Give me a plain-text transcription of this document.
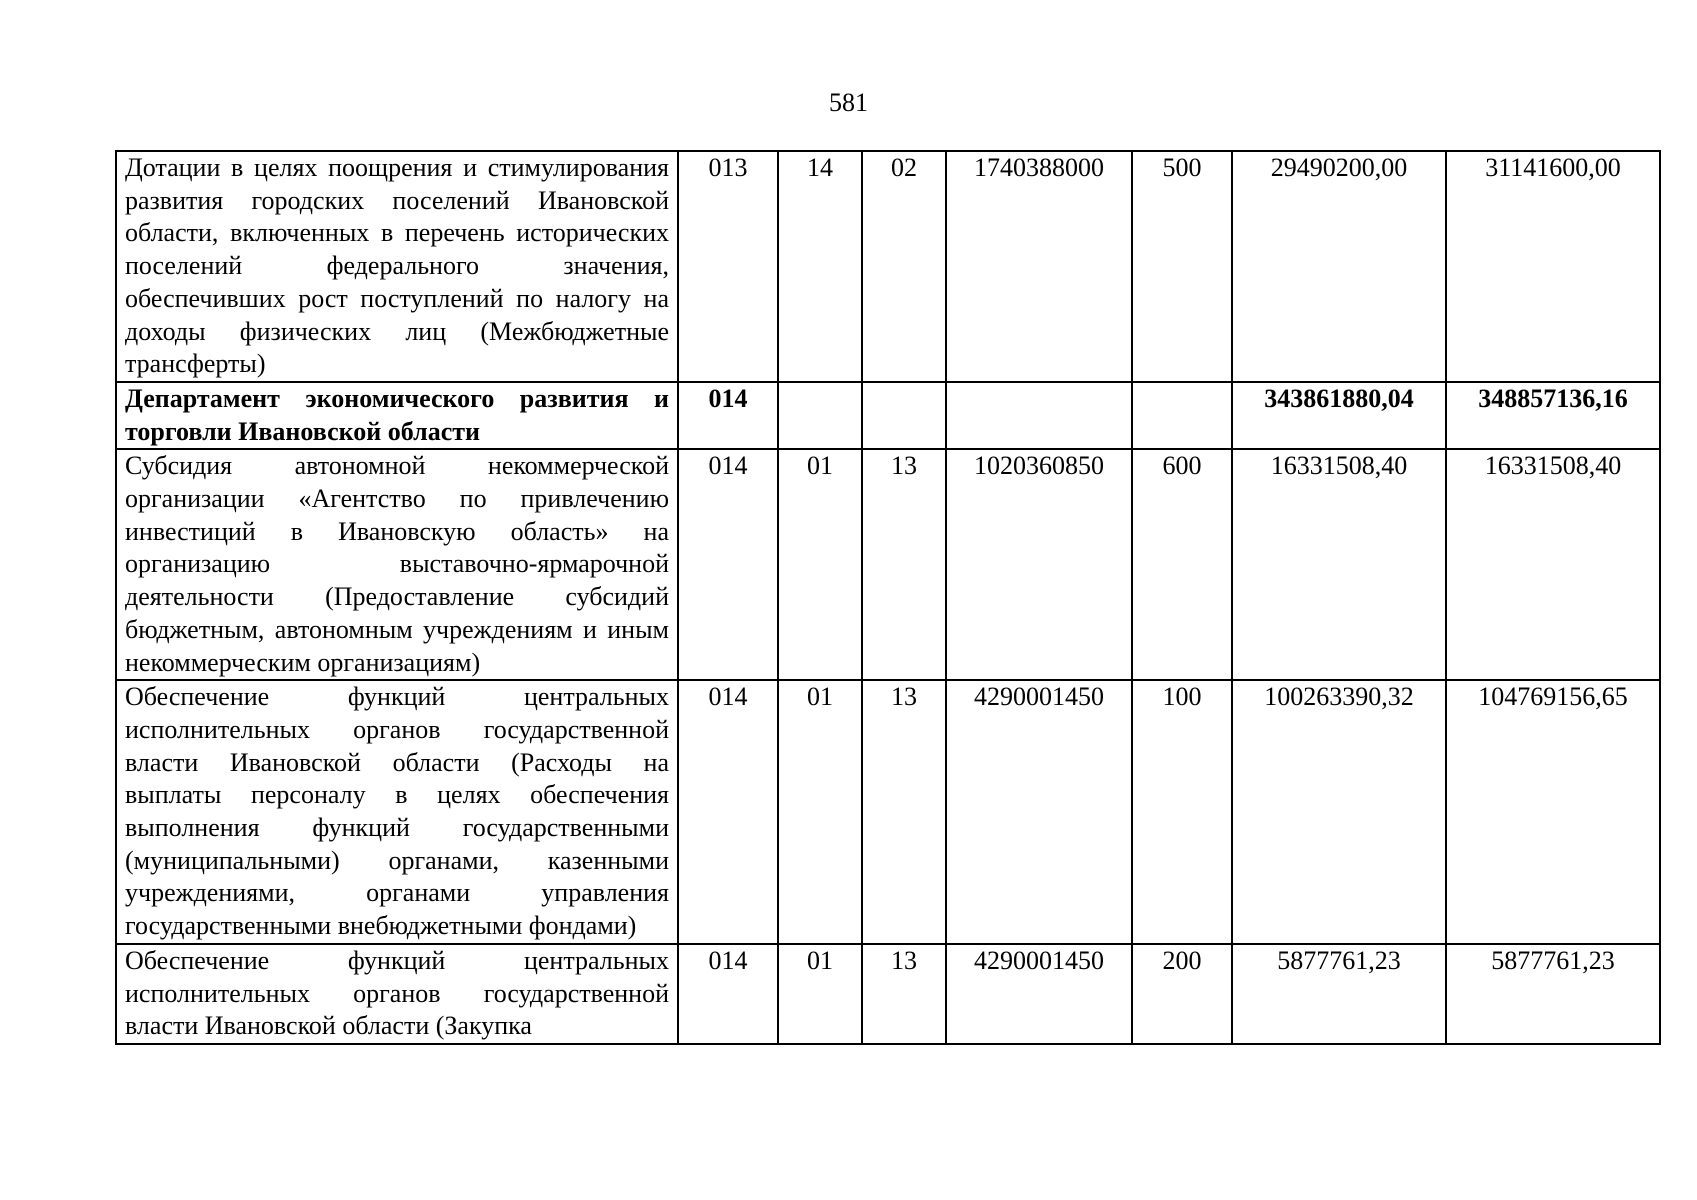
581
Дотации в целях поощрения и стимулирования развития городских поселений Ивановской области, включенных в перечень исторических поселений федерального значения, обеспечивших рост поступлений по налогу на доходы физических лиц (Межбюджетные трансферты)	013	14	02	1740388000	500	29490200,00	31141600,00
Департамент экономического развития и торговли Ивановской области	014					343861880,04	348857136,16
Субсидия автономной некоммерческой организации «Агентство по привлечению инвестиций в Ивановскую область» на организацию выставочно-ярмарочной деятельности (Предоставление субсидий бюджетным, автономным учреждениям и иным некоммерческим организациям)	014	01	13	1020360850	600	16331508,40	16331508,40
Обеспечение функций центральных исполнительных органов государственной власти Ивановской области (Расходы на выплаты персоналу в целях обеспечения выполнения функций государственными (муниципальными) органами, казенными учреждениями, органами управления государственными внебюджетными фондами)	014	01	13	4290001450	100	100263390,32	104769156,65
Обеспечение функций центральных исполнительных органов государственной власти Ивановской области (Закупка	014	01	13	4290001450	200	5877761,23	5877761,23
